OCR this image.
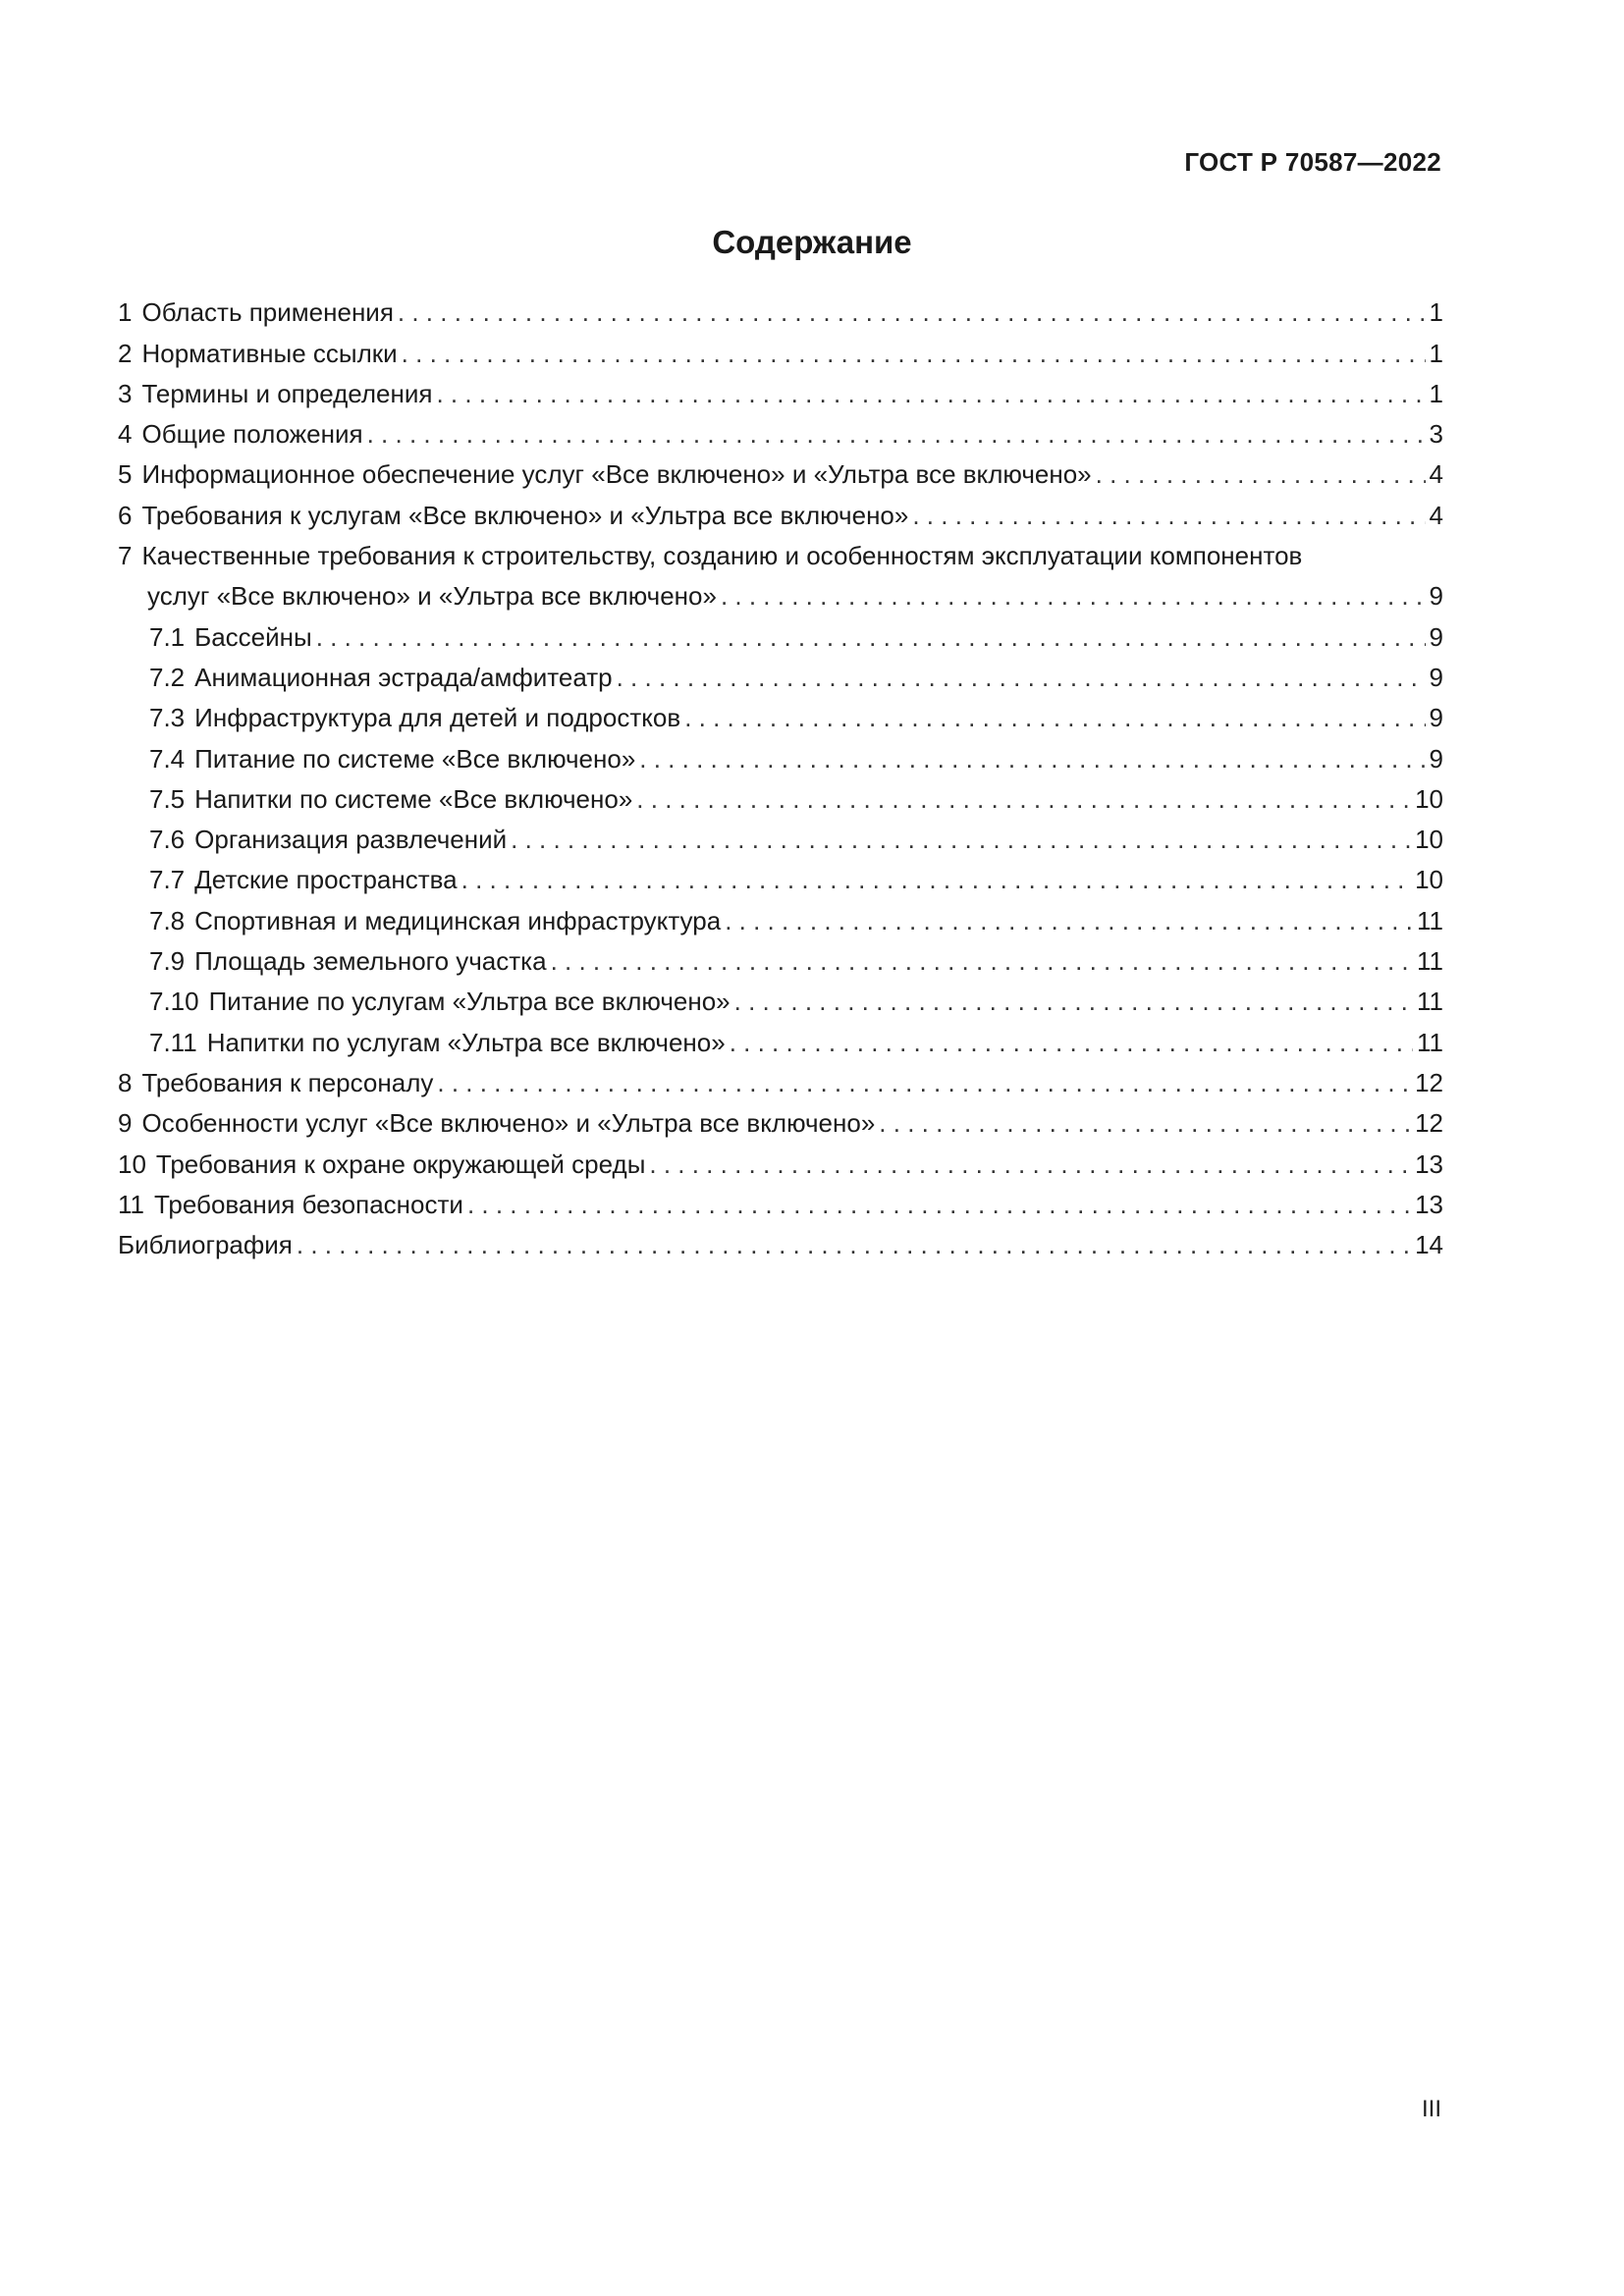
ГОСТ Р 70587—2022
Содержание
1 Область применения . . .	1
2 Нормативные ссылки . . .	1
3 Термины и определения . . .	1
4 Общие положения . . .	3
5 Информационное обеспечение услуг «Все включено» и «Ультра все включено» . . .	4
6 Требования к услугам «Все включено» и «Ультра все включено» . . .	4
7 Качественные требования к строительству, созданию и особенностям эксплуатации компонентов
услуг «Все включено» и «Ультра все включено» . . .	9
7.1 Бассейны . . .	9
7.2 Анимационная эстрада/амфитеатр . . .	9
7.3 Инфраструктура для детей и подростков . . .	9
7.4 Питание по системе «Все включено» . . .	9
7.5 Напитки по системе «Все включено» . . .	10
7.6 Организация развлечений . . .	10
7.7 Детские пространства . . .	10
7.8 Спортивная и медицинская инфраструктура . . .	11
7.9 Площадь земельного участка . . .	11
7.10 Питание по услугам «Ультра все включено» . . .	11
7.11 Напитки по услугам «Ультра все включено» . . .	11
8 Требования к персоналу . . .	12
9 Особенности услуг «Все включено» и «Ультра все включено» . . .	12
10 Требования к охране окружающей среды . . .	13
11 Требования безопасности . . .	13
Библиография . . .	14
III
